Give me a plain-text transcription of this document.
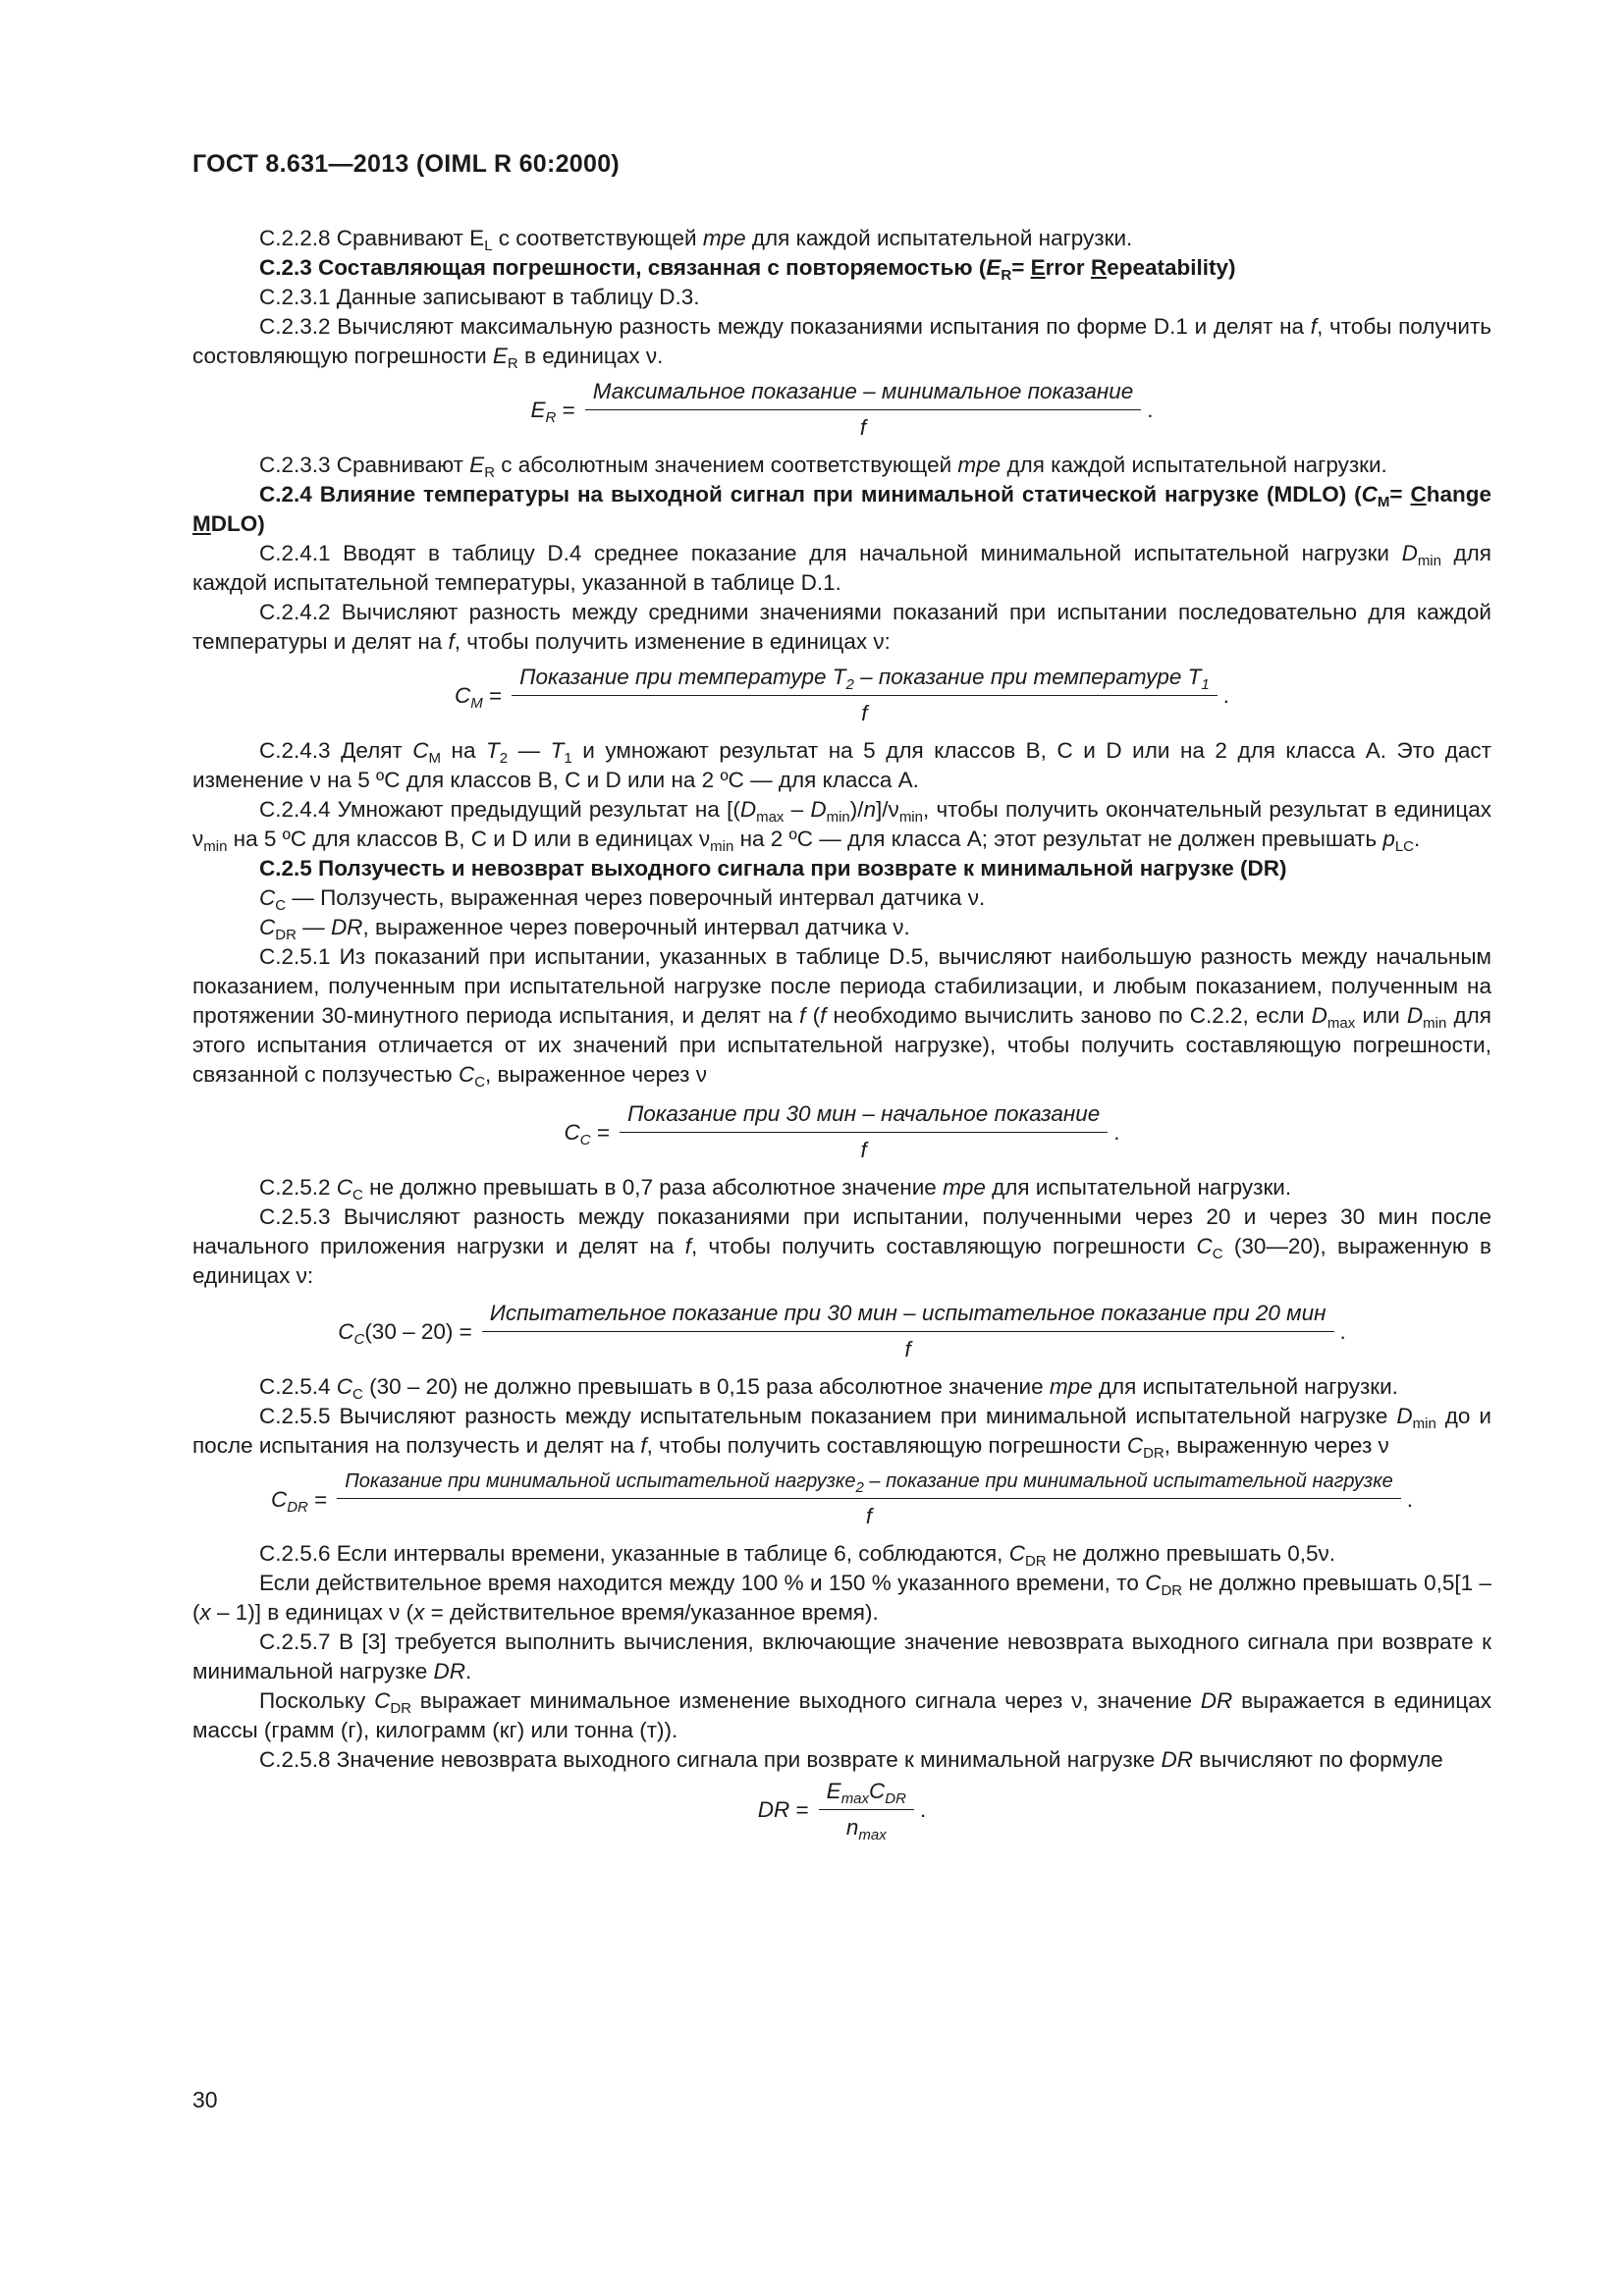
ГОСТ 8.631—2013 (OIML R 60:2000)

С.2.2.8 Сравнивают $E_L$ с соответствующей mpe для каждой испытательной нагрузки.

С.2.3 Составляющая погрешности, связанная с повторяемостью ($E_R=$ Error Repeatability)

С.2.3.1 Данные записывают в таблицу D.3.

С.2.3.2 Вычисляют максимальную разность между показаниями испытания по форме D.1 и делят на f, чтобы получить состовляющую погрешности $E_R$ в единицах ν.

$E_R = \frac{\text{Максимальное показание – минимальное показание}}{f}$ .

С.2.3.3 Сравнивают $E_R$ с абсолютным значением соответствующей mpe для каждой испытательной нагрузки.

С.2.4 Влияние температуры на выходной сигнал при минимальной статической нагрузке (MDLO) ($C_M=$ Change MDLO)

С.2.4.1 Вводят в таблицу D.4 среднее показание для начальной минимальной испытательной нагрузки $D_{min}$ для каждой испытательной температуры, указанной в таблице D.1.

С.2.4.2 Вычисляют разность между средними значениями показаний при испытании последовательно для каждой температуры и делят на f, чтобы получить изменение в единицах ν:

$C_M = \frac{Показание при температуре T_2 - показание при температуре T_1}{f}$ .

С.2.4.3 Делят $C_M$ на $T_2$ — $T_1$ и умножают результат на 5 для классов В, С и D или на 2 для класса А. Это даст изменение ν на 5 ºС для классов В, С и D или на 2 ºС — для класса А.

С.2.4.4 Умножают предыдущий результат на $[(D_{max} - D_{min})/n]/\nu_{min}$, чтобы получить окончательный результат в единицах $\nu_{min}$ на 5 ºС для классов В, С и D или в единицах $\nu_{min}$ на 2 ºС — для класса А; этот результат не должен превышать $p_{LC}$.

С.2.5 Ползучесть и невозврат выходного сигнала при возврате к минимальной нагрузке (DR)

$C_C$ — Ползучесть, выраженная через поверочный интервал датчика ν.

$C_{DR}$ — DR, выраженное через поверочный интервал датчика ν.

С.2.5.1 Из показаний при испытании, указанных в таблице D.5, вычисляют наибольшую разность между начальным показанием, полученным при испытательной нагрузке после периода стабилизации, и любым показанием, полученным на протяжении 30-минутного периода испытания, и делят на f (f необходимо вычислить заново по С.2.2, если $D_{max}$ или $D_{min}$ для этого испытания отличается от их значений при испытательной нагрузке), чтобы получить составляющую погрешности, связанной с ползучестью $C_C$, выраженное через ν

$C_C = \frac{\text{Показание при 30 мин – начальное показание}}{f}$ .

С.2.5.2 $C_C$ не должно превышать в 0,7 раза абсолютное значение mpe для испытательной нагрузки.

С.2.5.3 Вычисляют разность между показаниями при испытании, полученными через 20 и через 30 мин после начального приложения нагрузки и делят на f, чтобы получить составляющую погрешности $C_C$ (30—20), выраженную в единицах ν:

$C_C(30 - 20)$ =
Испытательное показание при 30 мин – испытательное показание при 20 мин
f
.

С.2.5.4 $C_C$ (30 – 20) не должно превышать в 0,15 раза абсолютное значение mpe для испытательной нагрузки.

С.2.5.5 Вычисляют разность между испытательным показанием при минимальной испытательной нагрузке $D_{min}$ до и после испытания на ползучесть и делят на f, чтобы получить составляющую погрешности $C_{DR}$, выраженную через ν

$C_{DR}$ =
Показание при минимальной испытательной нагрузке$_2$ – показание при минимальной испытательной нагрузке
f
.

С.2.5.6 Если интервалы времени, указанные в таблице 6, соблюдаются, $C_{DR}$ не должно превышать 0,5ν.

Если действительное время находится между 100 % и 150 % указанного времени, то $C_{DR}$ не должно превышать 0,5[1 – (x – 1)] в единицах ν (x = действительное время/указанное время).

С.2.5.7 В [3] требуется выполнить вычисления, включающие значение невозврата выходного сигнала при возврате к минимальной нагрузке DR.

Поскольку $C_{DR}$ выражает минимальное изменение выходного сигнала через ν, значение DR выражается в единицах массы (грамм (г), килограмм (кг) или тонна (т)).

С.2.5.8 Значение невозврата выходного сигнала при возврате к минимальной нагрузке DR вычисляют по формуле

DR = $\frac{E_{max}C_{DR}}{n_{max}}$ .
30
